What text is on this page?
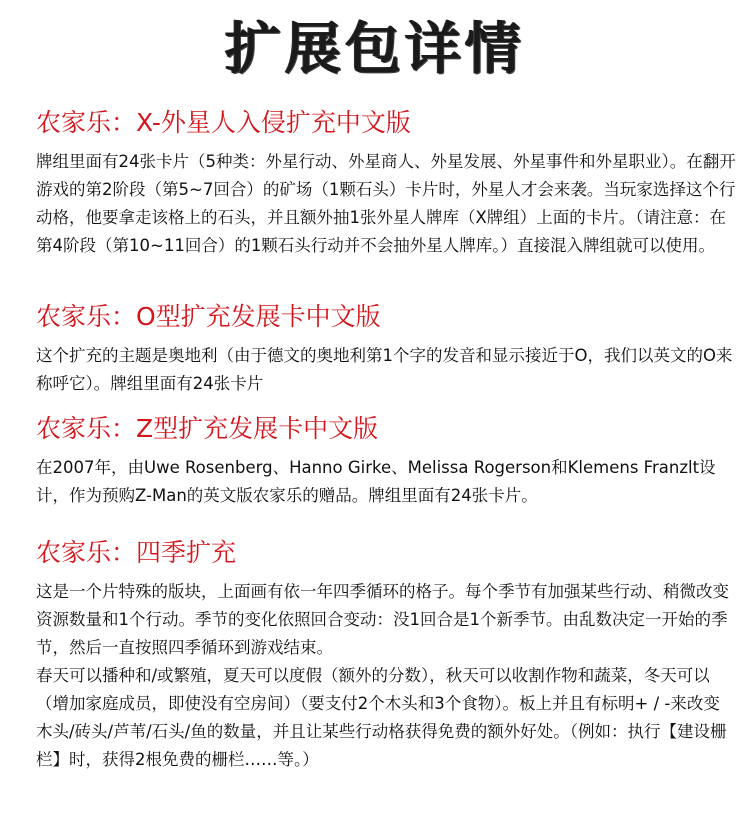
扩展包详情
农家乐：X-外星人入侵扩充中文版
牌组里面有24张卡片（5种类：外星行动、外星商人、外星发展、外星事件和外星职业）。在翻开游戏的第2阶段（第5~7回合）的矿场（1颗石头）卡片时，外星人才会来袭。当玩家选择这个行动格，他要拿走该格上的石头，并且额外抽1张外星人牌库（X牌组）上面的卡片。（请注意：在第4阶段（第10~11回合）的1颗石头行动并不会抽外星人牌库。）直接混入牌组就可以使用。
农家乐：O型扩充发展卡中文版
这个扩充的主题是奥地利（由于德文的奥地利第1个字的发音和显示接近于O，我们以英文的O来称呼它）。牌组里面有24张卡片
农家乐：Z型扩充发展卡中文版
在2007年，由Uwe Rosenberg、Hanno Girke、Melissa Rogerson和Klemens Franzlt设计，作为预购Z-Man的英文版农家乐的赠品。牌组里面有24张卡片。
农家乐：四季扩充
这是一个片特殊的版块，上面画有依一年四季循环的格子。每个季节有加强某些行动、稍微改变资源数量和1个行动。季节的变化依照回合变动：没1回合是1个新季节。由乱数决定一开始的季节，然后一直按照四季循环到游戏结束。
春天可以播种和/或繁殖，夏天可以度假（额外的分数），秋天可以收割作物和蔬菜，冬天可以（增加家庭成员，即使没有空房间）（要支付2个木头和3个食物）。板上并且有标明+ / -来改变木头/砖头/芦苇/石头/鱼的数量，并且让某些行动格获得免费的额外好处。（例如：执行【建设栅栏】时，获得2根免费的栅栏……等。）
